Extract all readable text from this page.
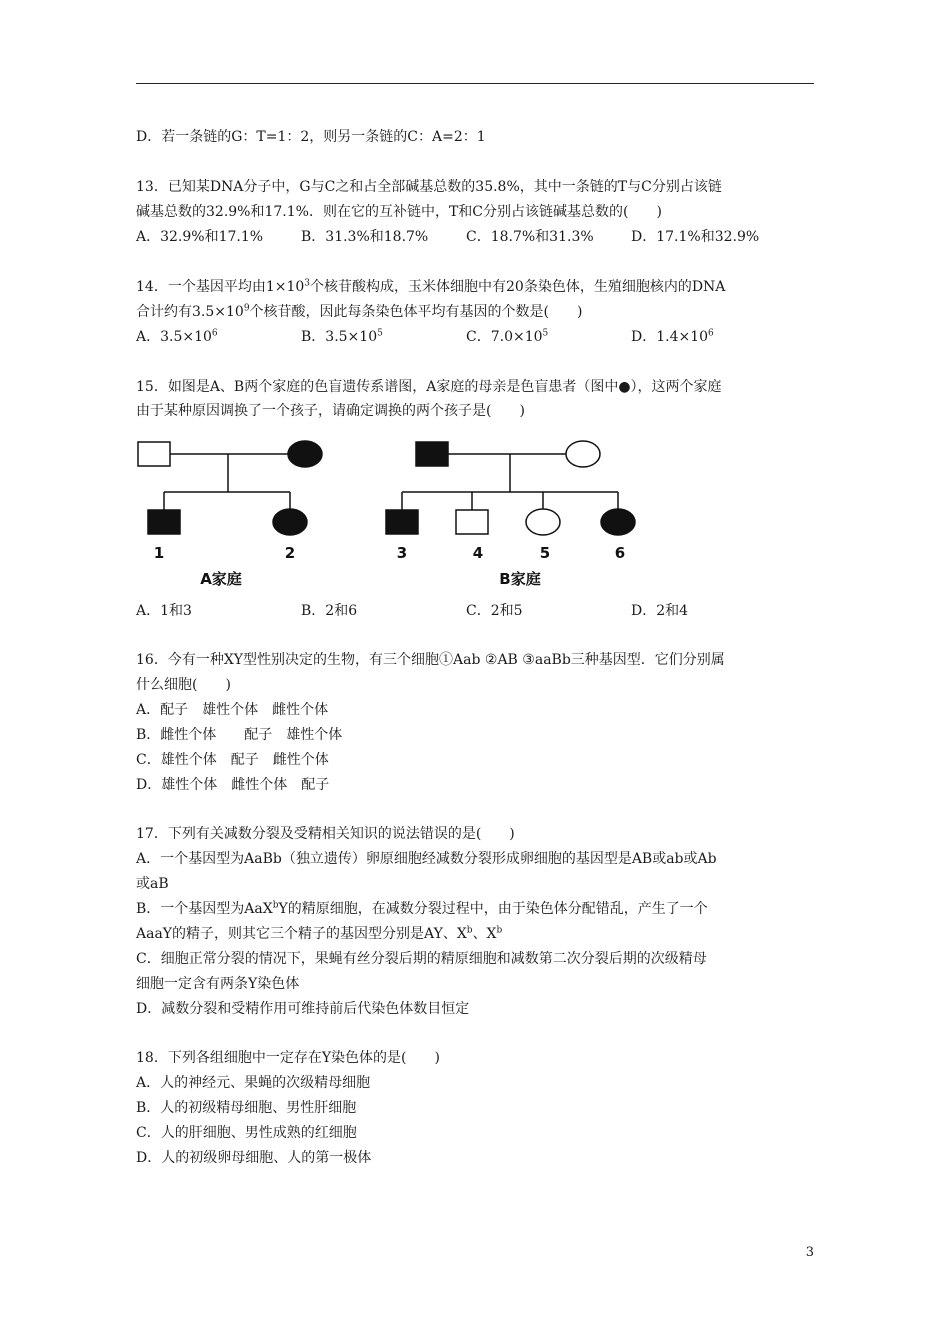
D．若一条链的G：T=1：2，则另一条链的C：A=2：1
13．已知某DNA分子中，G与C之和占全部碱基总数的35.8%，其中一条链的T与C分别占该链
碱基总数的32.9%和17.1%．则在它的互补链中，T和C分别占该链碱基总数的(　　)
A．32.9%和17.1%	B．31.3%和18.7%	C．18.7%和31.3%	D．17.1%和32.9%
14．一个基因平均由$1\times 10^3$个核苷酸构成，玉米体细胞中有20条染色体，生殖细胞核内的DNA
合计约有$3.5\times 10^9$个核苷酸，因此每条染色体平均有基因的个数是(　　)
A．$3.5\times 10^6$	B．$3.5\times 10^5$	C．$7.0\times 10^5$	D．$1.4\times 10^6$
15．如图是A、B两个家庭的色盲遗传系谱图，A家庭的母亲是色盲患者（图中●），这两个家庭
由于某种原因调换了一个孩子，请确定调换的两个孩子是(　　)
1	2	3	4	5	6
A家庭	B家庭
A．1和3	B．2和6	C．2和5	D．2和4
16．今有一种XY型性别决定的生物，有三个细胞①Aab ②AB ③aaBb三种基因型．它们分别属
什么细胞(　　)
A．配子　雄性个体　雌性个体
B．雌性个体　　配子　雄性个体
C．雄性个体　配子　雌性个体
D．雄性个体　雌性个体　配子
17．下列有关减数分裂及受精相关知识的说法错误的是(　　)
A．一个基因型为AaBb（独立遗传）卵原细胞经减数分裂形成卵细胞的基因型是AB或ab或Ab
或aB
B．一个基因型为AaX$^b$Y的精原细胞，在减数分裂过程中，由于染色体分配错乱，产生了一个
AaaY的精子，则其它三个精子的基因型分别是AY、$X^b$、$X^b$
C．细胞正常分裂的情况下，果蝇有丝分裂后期的精原细胞和减数第二次分裂后期的次级精母
细胞一定含有两条Y染色体
D．减数分裂和受精作用可维持前后代染色体数目恒定
18．下列各组细胞中一定存在Y染色体的是(　　)
A．人的神经元、果蝇的次级精母细胞
B．人的初级精母细胞、男性肝细胞
C．人的肝细胞、男性成熟的红细胞
D．人的初级卵母细胞、人的第一极体
3
